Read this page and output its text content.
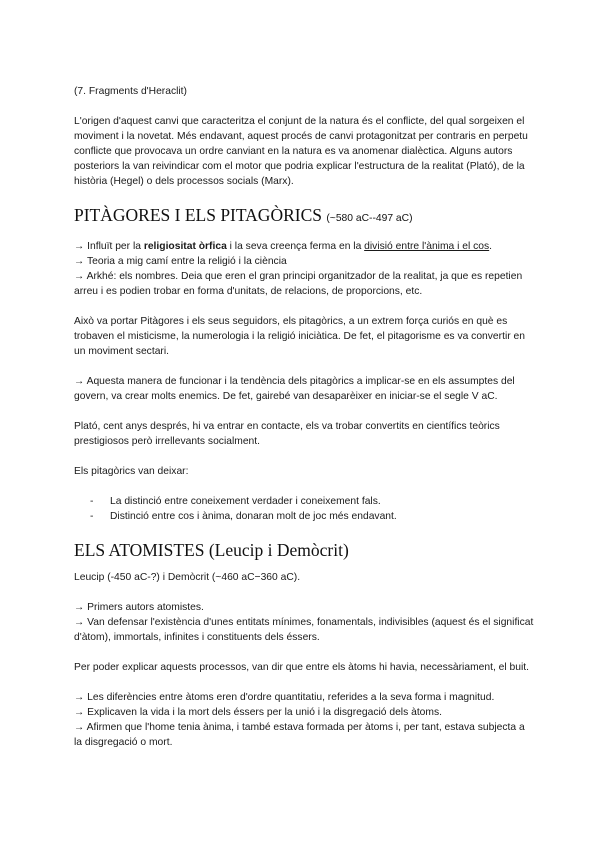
(7. Fragments d'Heraclit)

L'origen d'aquest canvi que caracteritza el conjunt de la natura és el conflicte, del qual sorgeixen el moviment i la novetat. Més endavant, aquest procés de canvi protagonitzat per contraris en perpetu conflicte que provocava un ordre canviant en la natura es va anomenar dialèctica. Alguns autors posteriors la van reivindicar com el motor que podria explicar l'estructura de la realitat (Plató), de la història (Hegel) o dels processos socials (Marx).

PITÀGORES I ELS PITAGÒRICS (~580 aC--497 aC)

→ Influït per la religiositat òrfica i la seva creença ferma en la divisió entre l'ànima i el cos.

→ Teoria a mig camí entre la religió i la ciència

→ Arkhé: els nombres. Deia que eren el gran principi organitzador de la realitat, ja que es repetien arreu i es podien trobar en forma d'unitats, de relacions, de proporcions, etc.

Això va portar Pitàgores i els seus seguidors, els pitagòrics, a un extrem força curiós en què es trobaven el misticisme, la numerologia i la religió iniciàtica. De fet, el pitagorisme es va convertir en un moviment sectari.

→ Aquesta manera de funcionar i la tendència dels pitagòrics a implicar-se en els assumptes del govern, va crear molts enemics. De fet, gairebé van desaparèixer en iniciar-se el segle V aC.

Plató, cent anys després, hi va entrar en contacte, els va trobar convertits en científics teòrics prestigiosos però irrellevants socialment.

Els pitagòrics van deixar:

- La distinció entre coneixement verdader i coneixement fals.
- Distinció entre cos i ànima, donaran molt de joc més endavant.
ELS ATOMISTES (Leucip i Demòcrit)

Leucip (-450 aC-?) i Demòcrit (~460 aC−360 aC).

→ Primers autors atomistes.

→ Van defensar l'existència d'unes entitats mínimes, fonamentals, indivisibles (aquest és el significat d'àtom), immortals, infinites i constituents dels éssers.

Per poder explicar aquests processos, van dir que entre els àtoms hi havia, necessàriament, el buit.

→ Les diferències entre àtoms eren d'ordre quantitatiu, referides a la seva forma i magnitud.

→ Explicaven la vida i la mort dels éssers per la unió i la disgregació dels àtoms.

→ Afirmen que l'home tenia ànima, i també estava formada per àtoms i, per tant, estava subjecta a la disgregació o mort.
